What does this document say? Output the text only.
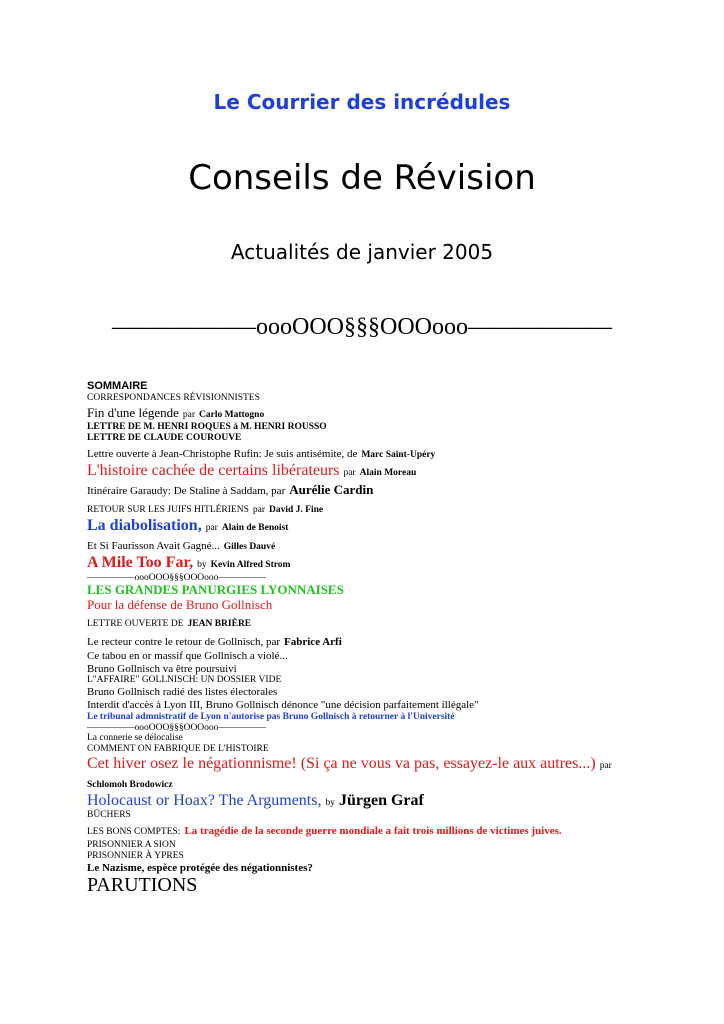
Le Courrier des incrédules
Conseils de Révision
Actualités de janvier 2005
——————oooOOO§§§OOOooo——————
SOMMAIRE
CORRESPONDANCES RÉVISIONNISTES
Fin d'une légende par Carlo Mattogno
LETTRE DE M. HENRI ROQUES à M. HENRI ROUSSO
LETTRE DE CLAUDE COUROUVE
Lettre ouverte à Jean-Christophe Rufin: Je suis antisémite, de Marc Saint-Upéry
L'histoire cachée de certains libérateurs par Alain Moreau
Itinéraire Garaudy: De Staline à Saddam, par Aurélie Cardin
RETOUR SUR LES JUIFS HITLÉRIENS par David J. Fine
La diabolisation, par Alain de Benoist
Et Si Faurisson Avait Gagné... Gilles Dauvé
A Mile Too Far, by Kevin Alfred Strom
—————oooOOO§§§OOOooo—————
LES GRANDES PANURGIES LYONNAISES
Pour la défense de Bruno Gollnisch
LETTRE OUVERTE DE JEAN BRIÈRE
Le recteur contre le retour de Gollnisch, par Fabrice Arfi
Ce tabou en or massif que Gollnisch a violé...
Bruno Gollnisch va être poursuivi
L"AFFAIRE" GOLLNISCH: UN DOSSIER VIDE
Bruno Gollnisch radié des listes électorales
Interdit d'accès à Lyon III, Bruno Gollnisch dénonce "une décision parfaitement illégale"
Le tribunal admnistratif de Lyon n'autorise pas Bruno Gollnisch à retourner à l'Université
—————oooOOO§§§OOOooo—————
La connerie se délocalise
COMMENT ON FABRIQUE DE L'HISTOIRE
Cet hiver osez le négationnisme! (Si ça ne vous va pas, essayez-le aux autres...) par Schlomoh Brodowicz
Holocaust or Hoax? The Arguments, by Jürgen Graf
BÜCHERS
LES BONS COMPTES: La tragédie de la seconde guerre mondiale a fait trois millions de victimes juives.
PRISONNIER A SION
PRISONNIER À YPRES
Le Nazisme, espèce protégée des négationnistes?
PARUTIONS
